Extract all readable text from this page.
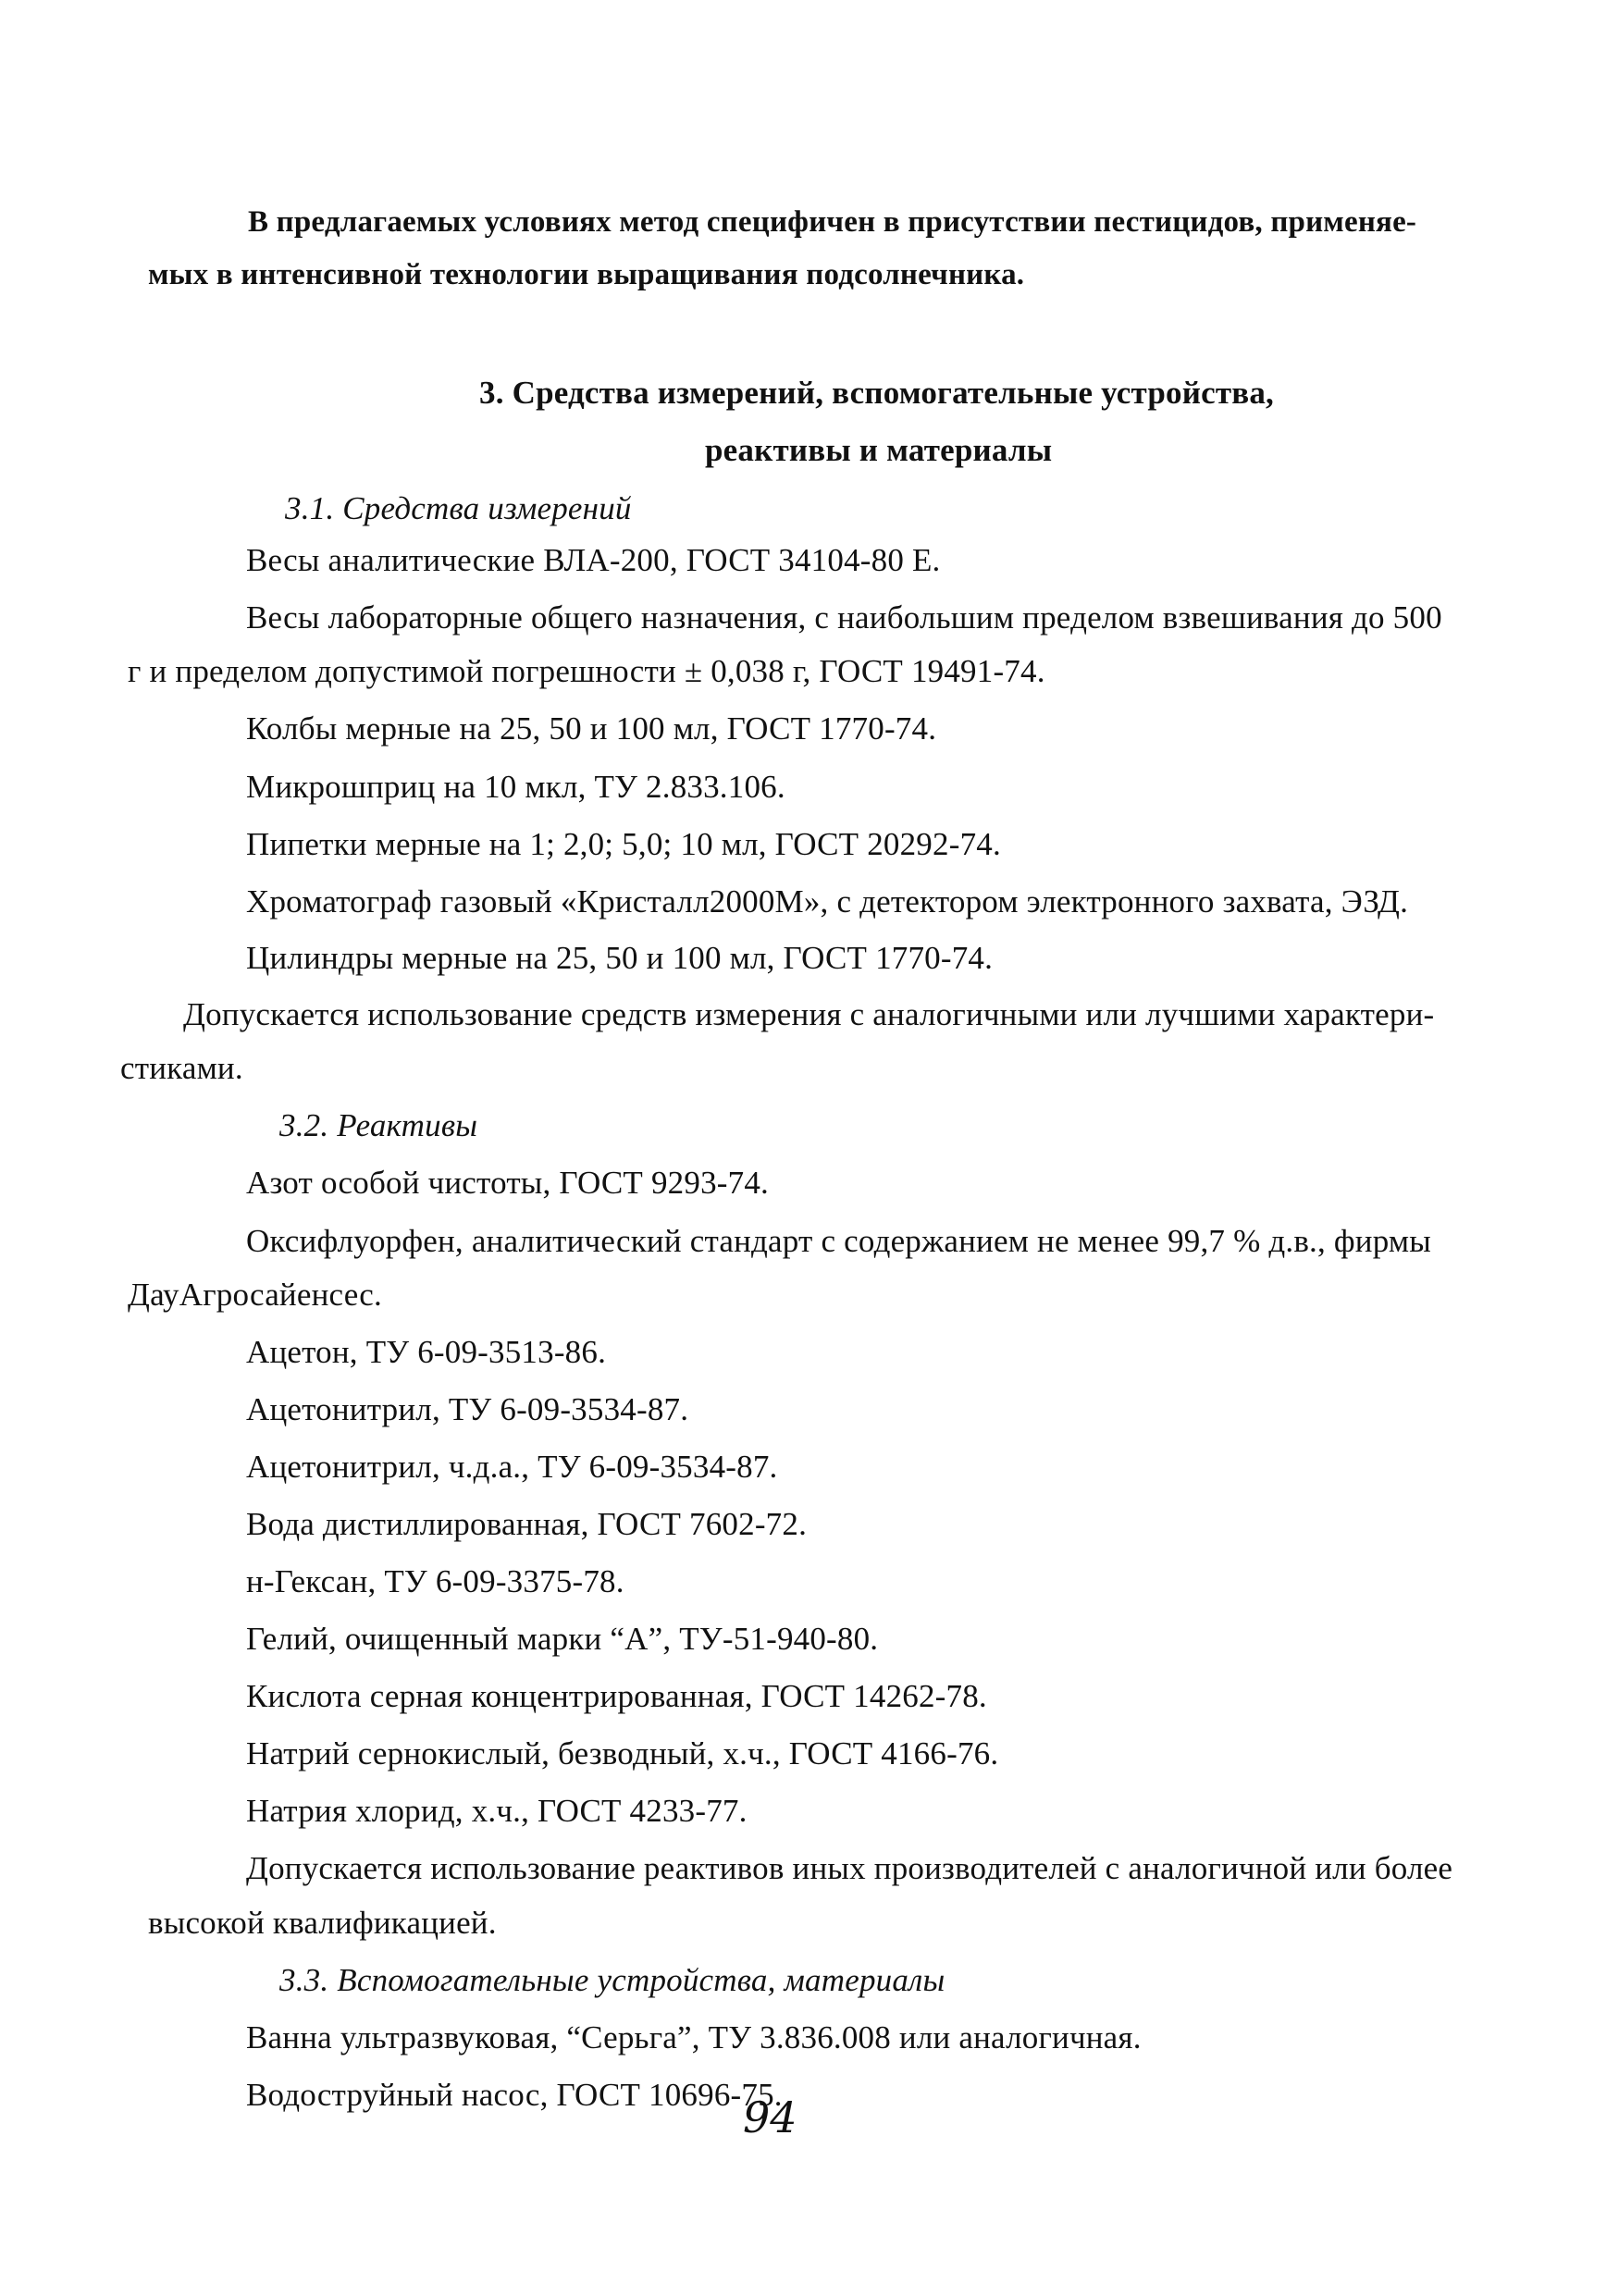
В предлагаемых условиях метод специфичен в присутствии пестицидов, применяе-
мых в интенсивной технологии выращивания подсолнечника.
3. Средства измерений, вспомогательные устройства,
реактивы и материалы
3.1. Средства измерений
Весы аналитические ВЛА-200, ГОСТ 34104-80 Е.
Весы лабораторные общего назначения, с наибольшим пределом взвешивания до 500
г и пределом допустимой погрешности ± 0,038 г, ГОСТ 19491-74.
Колбы мерные на 25, 50 и 100 мл, ГОСТ 1770-74.
Микрошприц на 10 мкл, ТУ 2.833.106.
Пипетки мерные на 1; 2,0; 5,0; 10 мл, ГОСТ 20292-74.
Хроматограф газовый «Кристалл2000М», с детектором электронного захвата, ЭЗД.
Цилиндры мерные на 25, 50 и 100 мл, ГОСТ 1770-74.
Допускается использование средств измерения с аналогичными или лучшими характери-
стиками.
3.2. Реактивы
Азот особой чистоты, ГОСТ 9293-74.
Оксифлуорфен, аналитический стандарт с содержанием не менее 99,7 % д.в., фирмы
ДауАгросайенсес.
Ацетон, ТУ 6-09-3513-86.
Ацетонитрил, ТУ 6-09-3534-87.
Ацетонитрил, ч.д.а., ТУ 6-09-3534-87.
Вода дистиллированная, ГОСТ 7602-72.
н-Гексан, ТУ 6-09-3375-78.
Гелий, очищенный марки “А”, ТУ-51-940-80.
Кислота серная концентрированная, ГОСТ 14262-78.
Натрий сернокислый, безводный, х.ч., ГОСТ 4166-76.
Натрия хлорид, х.ч., ГОСТ 4233-77.
Допускается использование реактивов иных производителей с аналогичной или более
высокой квалификацией.
3.3. Вспомогательные устройства, материалы
Ванна ультразвуковая, “Серьга”, ТУ 3.836.008 или аналогичная.
Водоструйный насос, ГОСТ 10696-75.
94
